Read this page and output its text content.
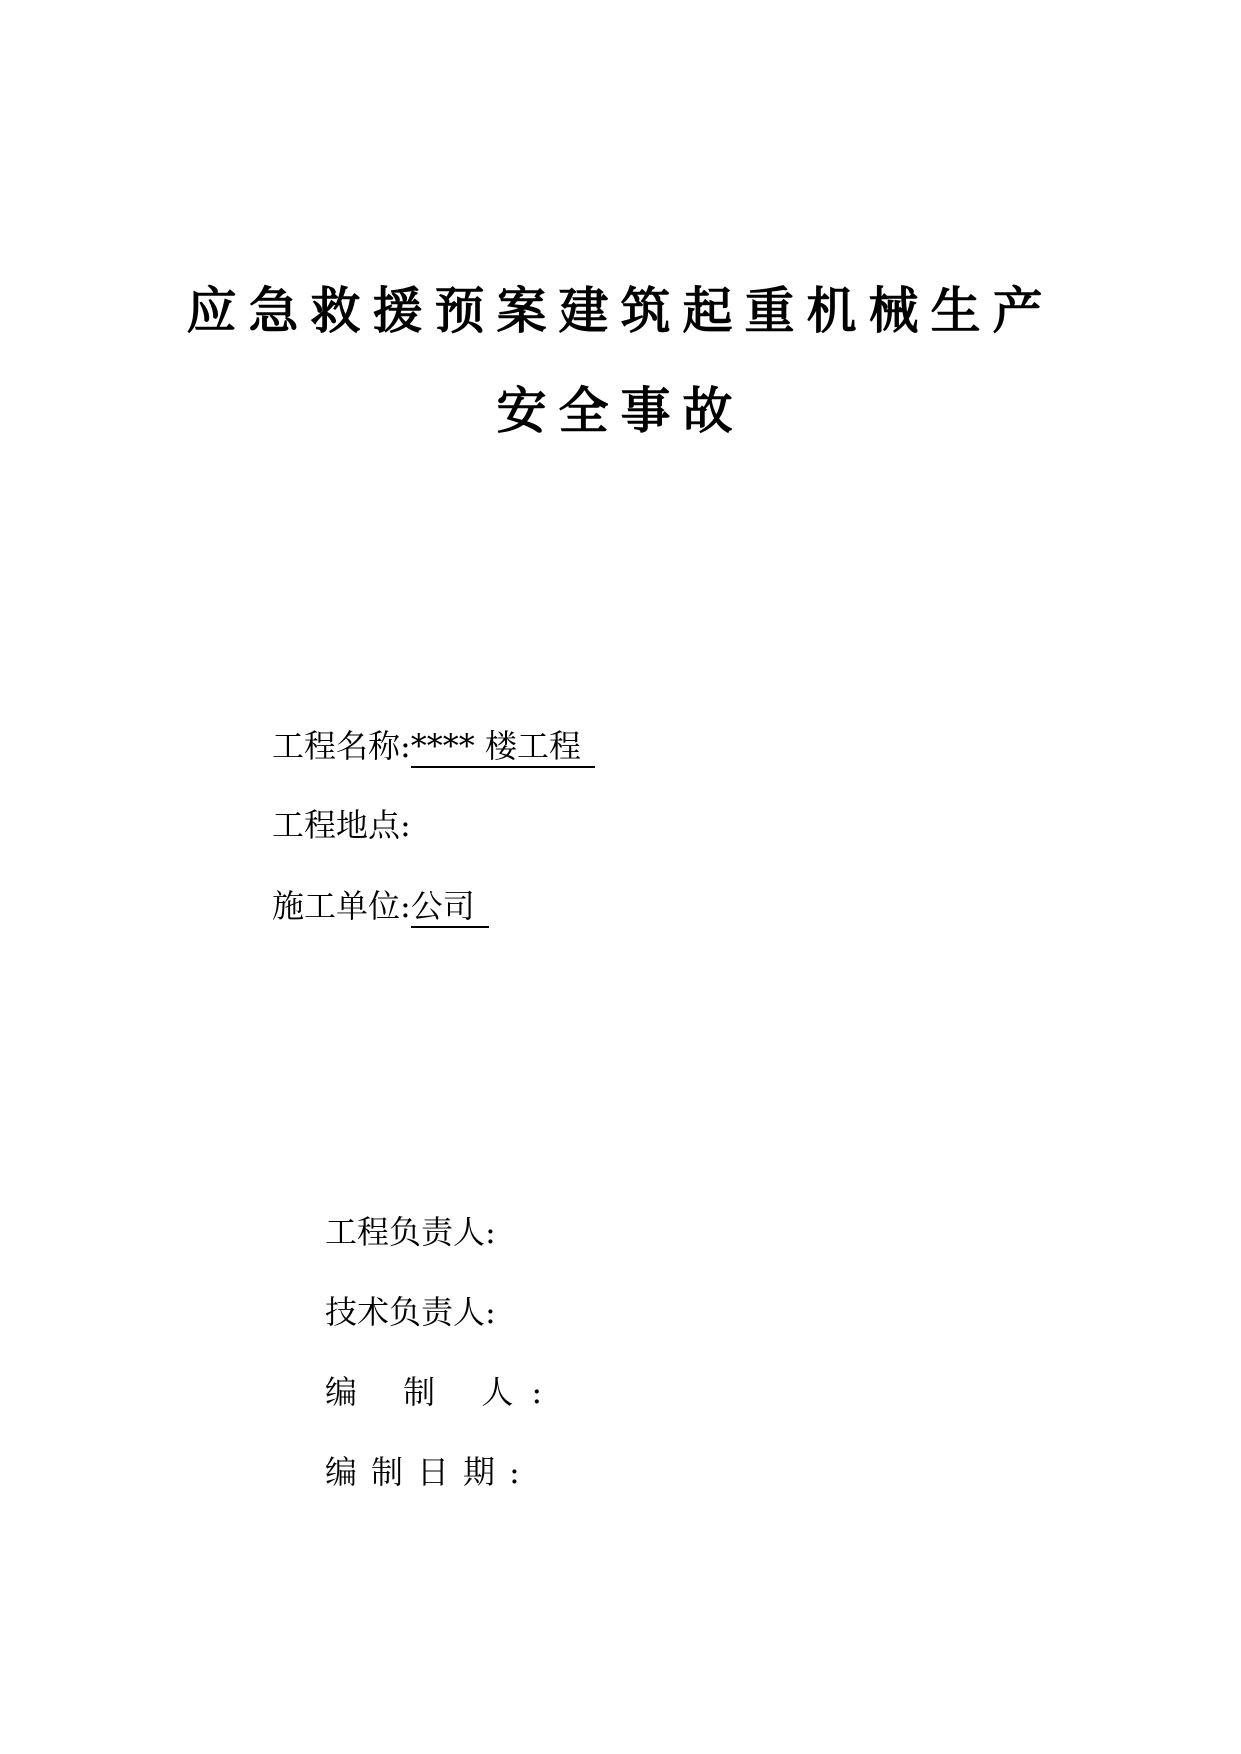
应急救援预案建筑起重机械生产
安全事故
工程名称:**** 楼工程
工程地点:
施工单位:公司
工程负责人:
技术负责人:
编 制 人:
编制日期:
